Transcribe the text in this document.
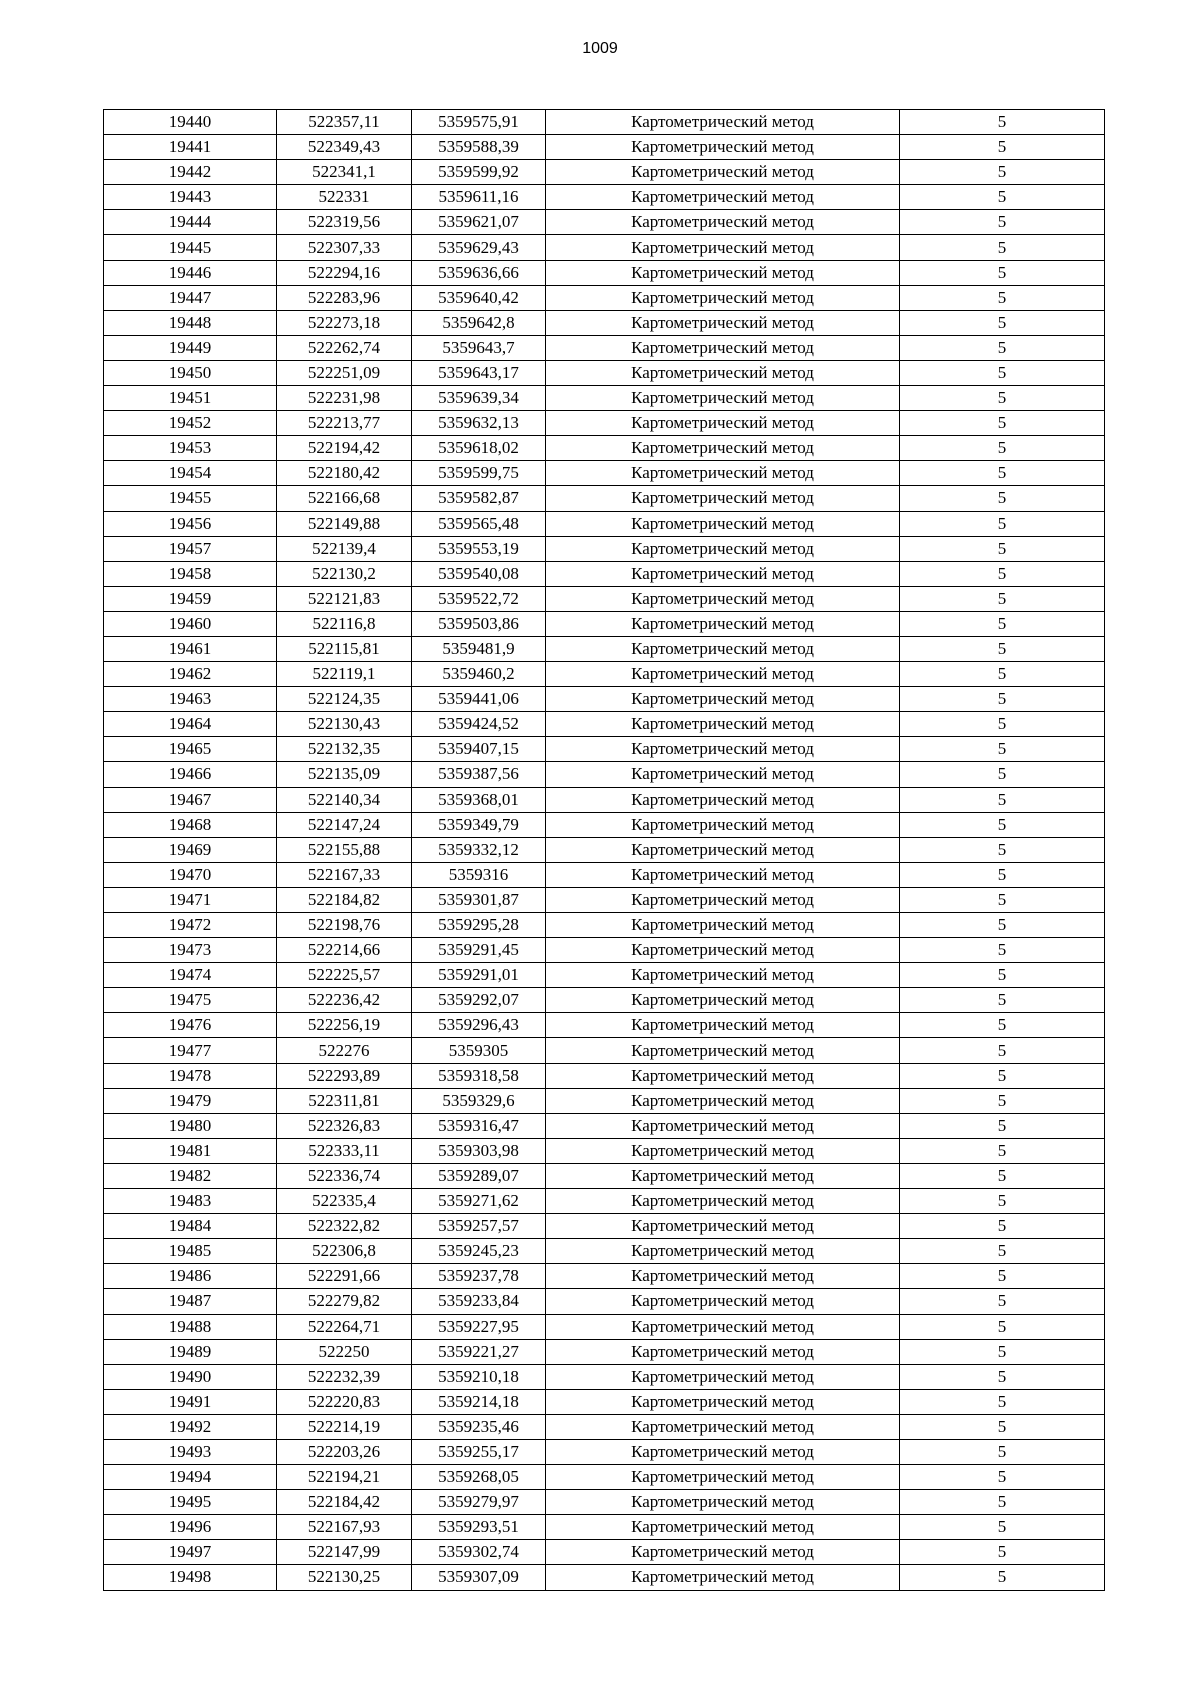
1009
19440	522357,11	5359575,91	Картометрический метод	5
19441	522349,43	5359588,39	Картометрический метод	5
19442	522341,1	5359599,92	Картометрический метод	5
19443	522331	5359611,16	Картометрический метод	5
19444	522319,56	5359621,07	Картометрический метод	5
19445	522307,33	5359629,43	Картометрический метод	5
19446	522294,16	5359636,66	Картометрический метод	5
19447	522283,96	5359640,42	Картометрический метод	5
19448	522273,18	5359642,8	Картометрический метод	5
19449	522262,74	5359643,7	Картометрический метод	5
19450	522251,09	5359643,17	Картометрический метод	5
19451	522231,98	5359639,34	Картометрический метод	5
19452	522213,77	5359632,13	Картометрический метод	5
19453	522194,42	5359618,02	Картометрический метод	5
19454	522180,42	5359599,75	Картометрический метод	5
19455	522166,68	5359582,87	Картометрический метод	5
19456	522149,88	5359565,48	Картометрический метод	5
19457	522139,4	5359553,19	Картометрический метод	5
19458	522130,2	5359540,08	Картометрический метод	5
19459	522121,83	5359522,72	Картометрический метод	5
19460	522116,8	5359503,86	Картометрический метод	5
19461	522115,81	5359481,9	Картометрический метод	5
19462	522119,1	5359460,2	Картометрический метод	5
19463	522124,35	5359441,06	Картометрический метод	5
19464	522130,43	5359424,52	Картометрический метод	5
19465	522132,35	5359407,15	Картометрический метод	5
19466	522135,09	5359387,56	Картометрический метод	5
19467	522140,34	5359368,01	Картометрический метод	5
19468	522147,24	5359349,79	Картометрический метод	5
19469	522155,88	5359332,12	Картометрический метод	5
19470	522167,33	5359316	Картометрический метод	5
19471	522184,82	5359301,87	Картометрический метод	5
19472	522198,76	5359295,28	Картометрический метод	5
19473	522214,66	5359291,45	Картометрический метод	5
19474	522225,57	5359291,01	Картометрический метод	5
19475	522236,42	5359292,07	Картометрический метод	5
19476	522256,19	5359296,43	Картометрический метод	5
19477	522276	5359305	Картометрический метод	5
19478	522293,89	5359318,58	Картометрический метод	5
19479	522311,81	5359329,6	Картометрический метод	5
19480	522326,83	5359316,47	Картометрический метод	5
19481	522333,11	5359303,98	Картометрический метод	5
19482	522336,74	5359289,07	Картометрический метод	5
19483	522335,4	5359271,62	Картометрический метод	5
19484	522322,82	5359257,57	Картометрический метод	5
19485	522306,8	5359245,23	Картометрический метод	5
19486	522291,66	5359237,78	Картометрический метод	5
19487	522279,82	5359233,84	Картометрический метод	5
19488	522264,71	5359227,95	Картометрический метод	5
19489	522250	5359221,27	Картометрический метод	5
19490	522232,39	5359210,18	Картометрический метод	5
19491	522220,83	5359214,18	Картометрический метод	5
19492	522214,19	5359235,46	Картометрический метод	5
19493	522203,26	5359255,17	Картометрический метод	5
19494	522194,21	5359268,05	Картометрический метод	5
19495	522184,42	5359279,97	Картометрический метод	5
19496	522167,93	5359293,51	Картометрический метод	5
19497	522147,99	5359302,74	Картометрический метод	5
19498	522130,25	5359307,09	Картометрический метод	5
